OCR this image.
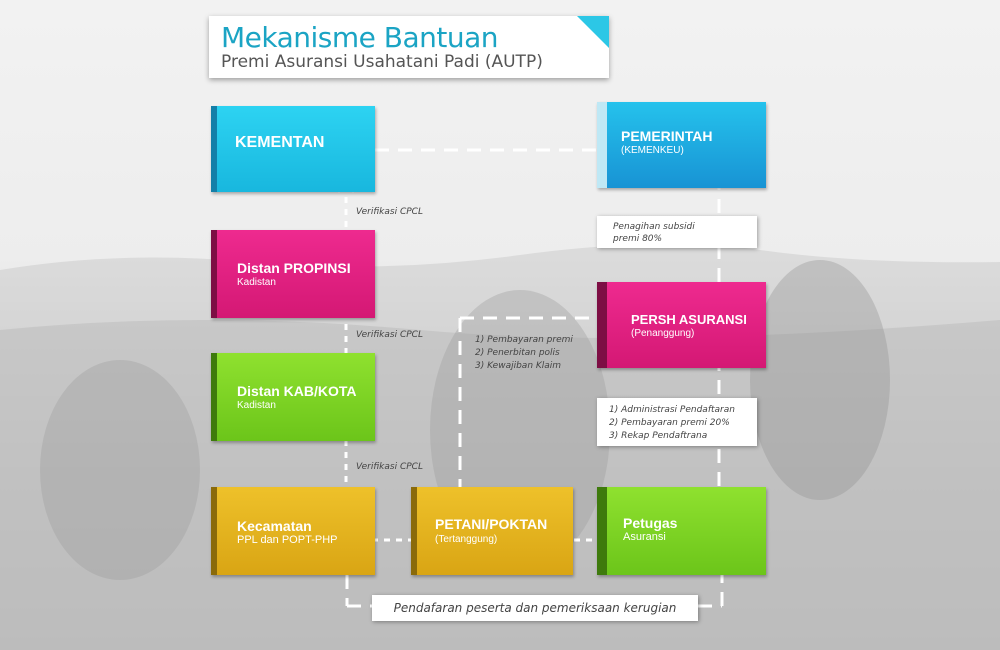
Mekanisme Bantuan
Premi Asuransi Usahatani Padi (AUTP)
KEMENTAN	PEMERINTAH
(KEMENKEU)
Penagihan subsidi
premi 80%
Distan PROPINSI
Kadistan
PERSH ASURANSI
(Penanggung)
1) Pembayaran premi
2) Penerbitan polis
3) Kewajiban Klaim
Distan KAB/KOTA
Kadistan	1) Administrasi Pendaftaran
2) Pembayaran premi 20%
3) Rekap Pendaftrana
Verifikasi CPCL
Verifikasi CPCL
Verifikasi CPCL
Kecamatan
PPL dan POPT-PHP
PETANI/POKTAN
(Tertanggung)
Petugas
Asuransi
Pendafaran peserta dan pemeriksaan kerugian
